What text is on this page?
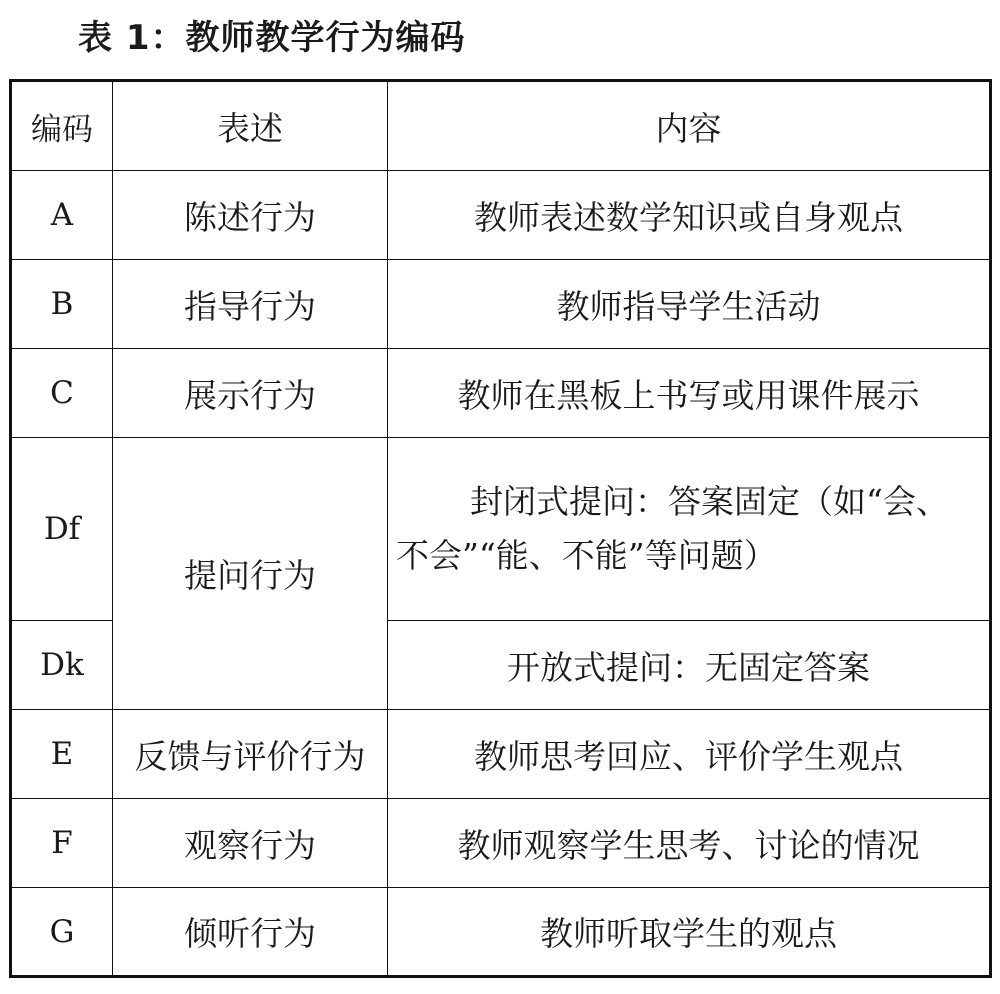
表 1：教师教学行为编码
编码	表述	内容
A	陈述行为	教师表述数学知识或自身观点
B	指导行为	教师指导学生活动
C	展示行为	教师在黑板上书写或用课件展示
Df	提问行为	封闭式提问：答案固定（如“会、
不会”“能、不能”等问题）

Dk		开放式提问：无固定答案
E	反馈与评价行为	教师思考回应、评价学生观点
F	观察行为	教师观察学生思考、讨论的情况
G	倾听行为	教师听取学生的观点
